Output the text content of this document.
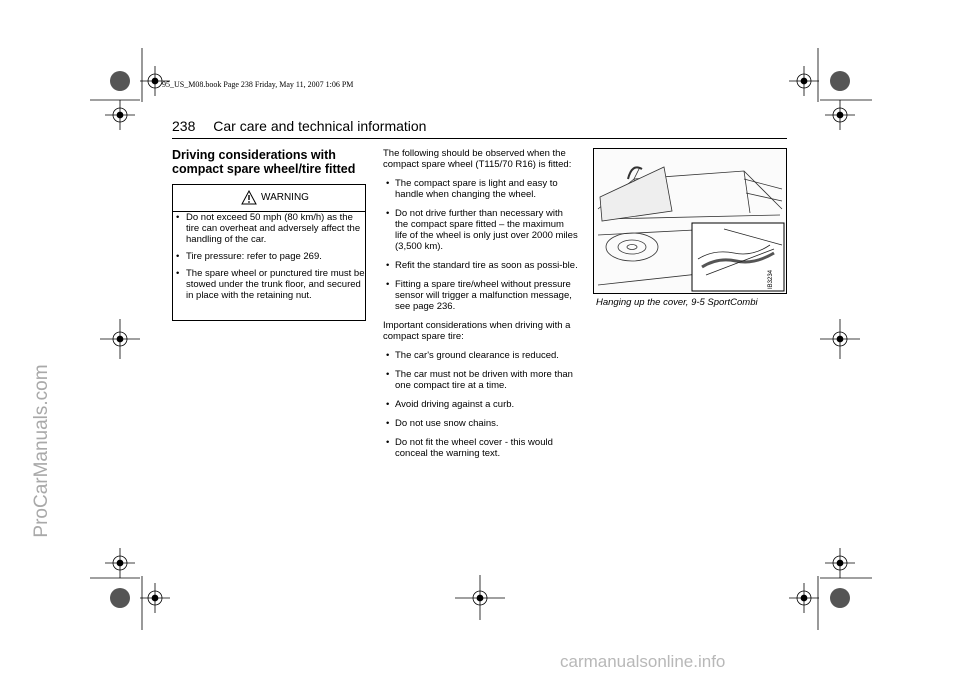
95_US_M08.book Page 238 Friday, May 11, 2007 1:06 PM
ProCarManuals.com
238 Car care and technical information
Driving considerations with compact spare wheel/tire fitted
WARNING
• Do not exceed 50 mph (80 km/h) as the tire can overheat and adversely affect the handling of the car.
• Tire pressure: refer to page 269.
• The spare wheel or punctured tire must be stowed under the trunk floor, and secured in place with the retaining nut.

The following should be observed when the compact spare wheel (T115/70 R16) is fitted:

• The compact spare is light and easy to handle when changing the wheel.
• Do not drive further than necessary with the compact spare fitted – the maximum life of the wheel is only just over 2000 miles (3,500 km).
• Refit the standard tire as soon as possi-ble.
• Fitting a spare tire/wheel without pressure sensor will trigger a malfunction message, see page 236.

Important considerations when driving with a compact spare tire:

• The car's ground clearance is reduced.
• The car must not be driven with more than one compact tire at a time.
• Avoid driving against a curb.
• Do not use snow chains.
• Do not fit the wheel cover - this would conceal the warning text.
IB3234
Hanging up the cover, 9-5 SportCombi
carmanualsonline.info
